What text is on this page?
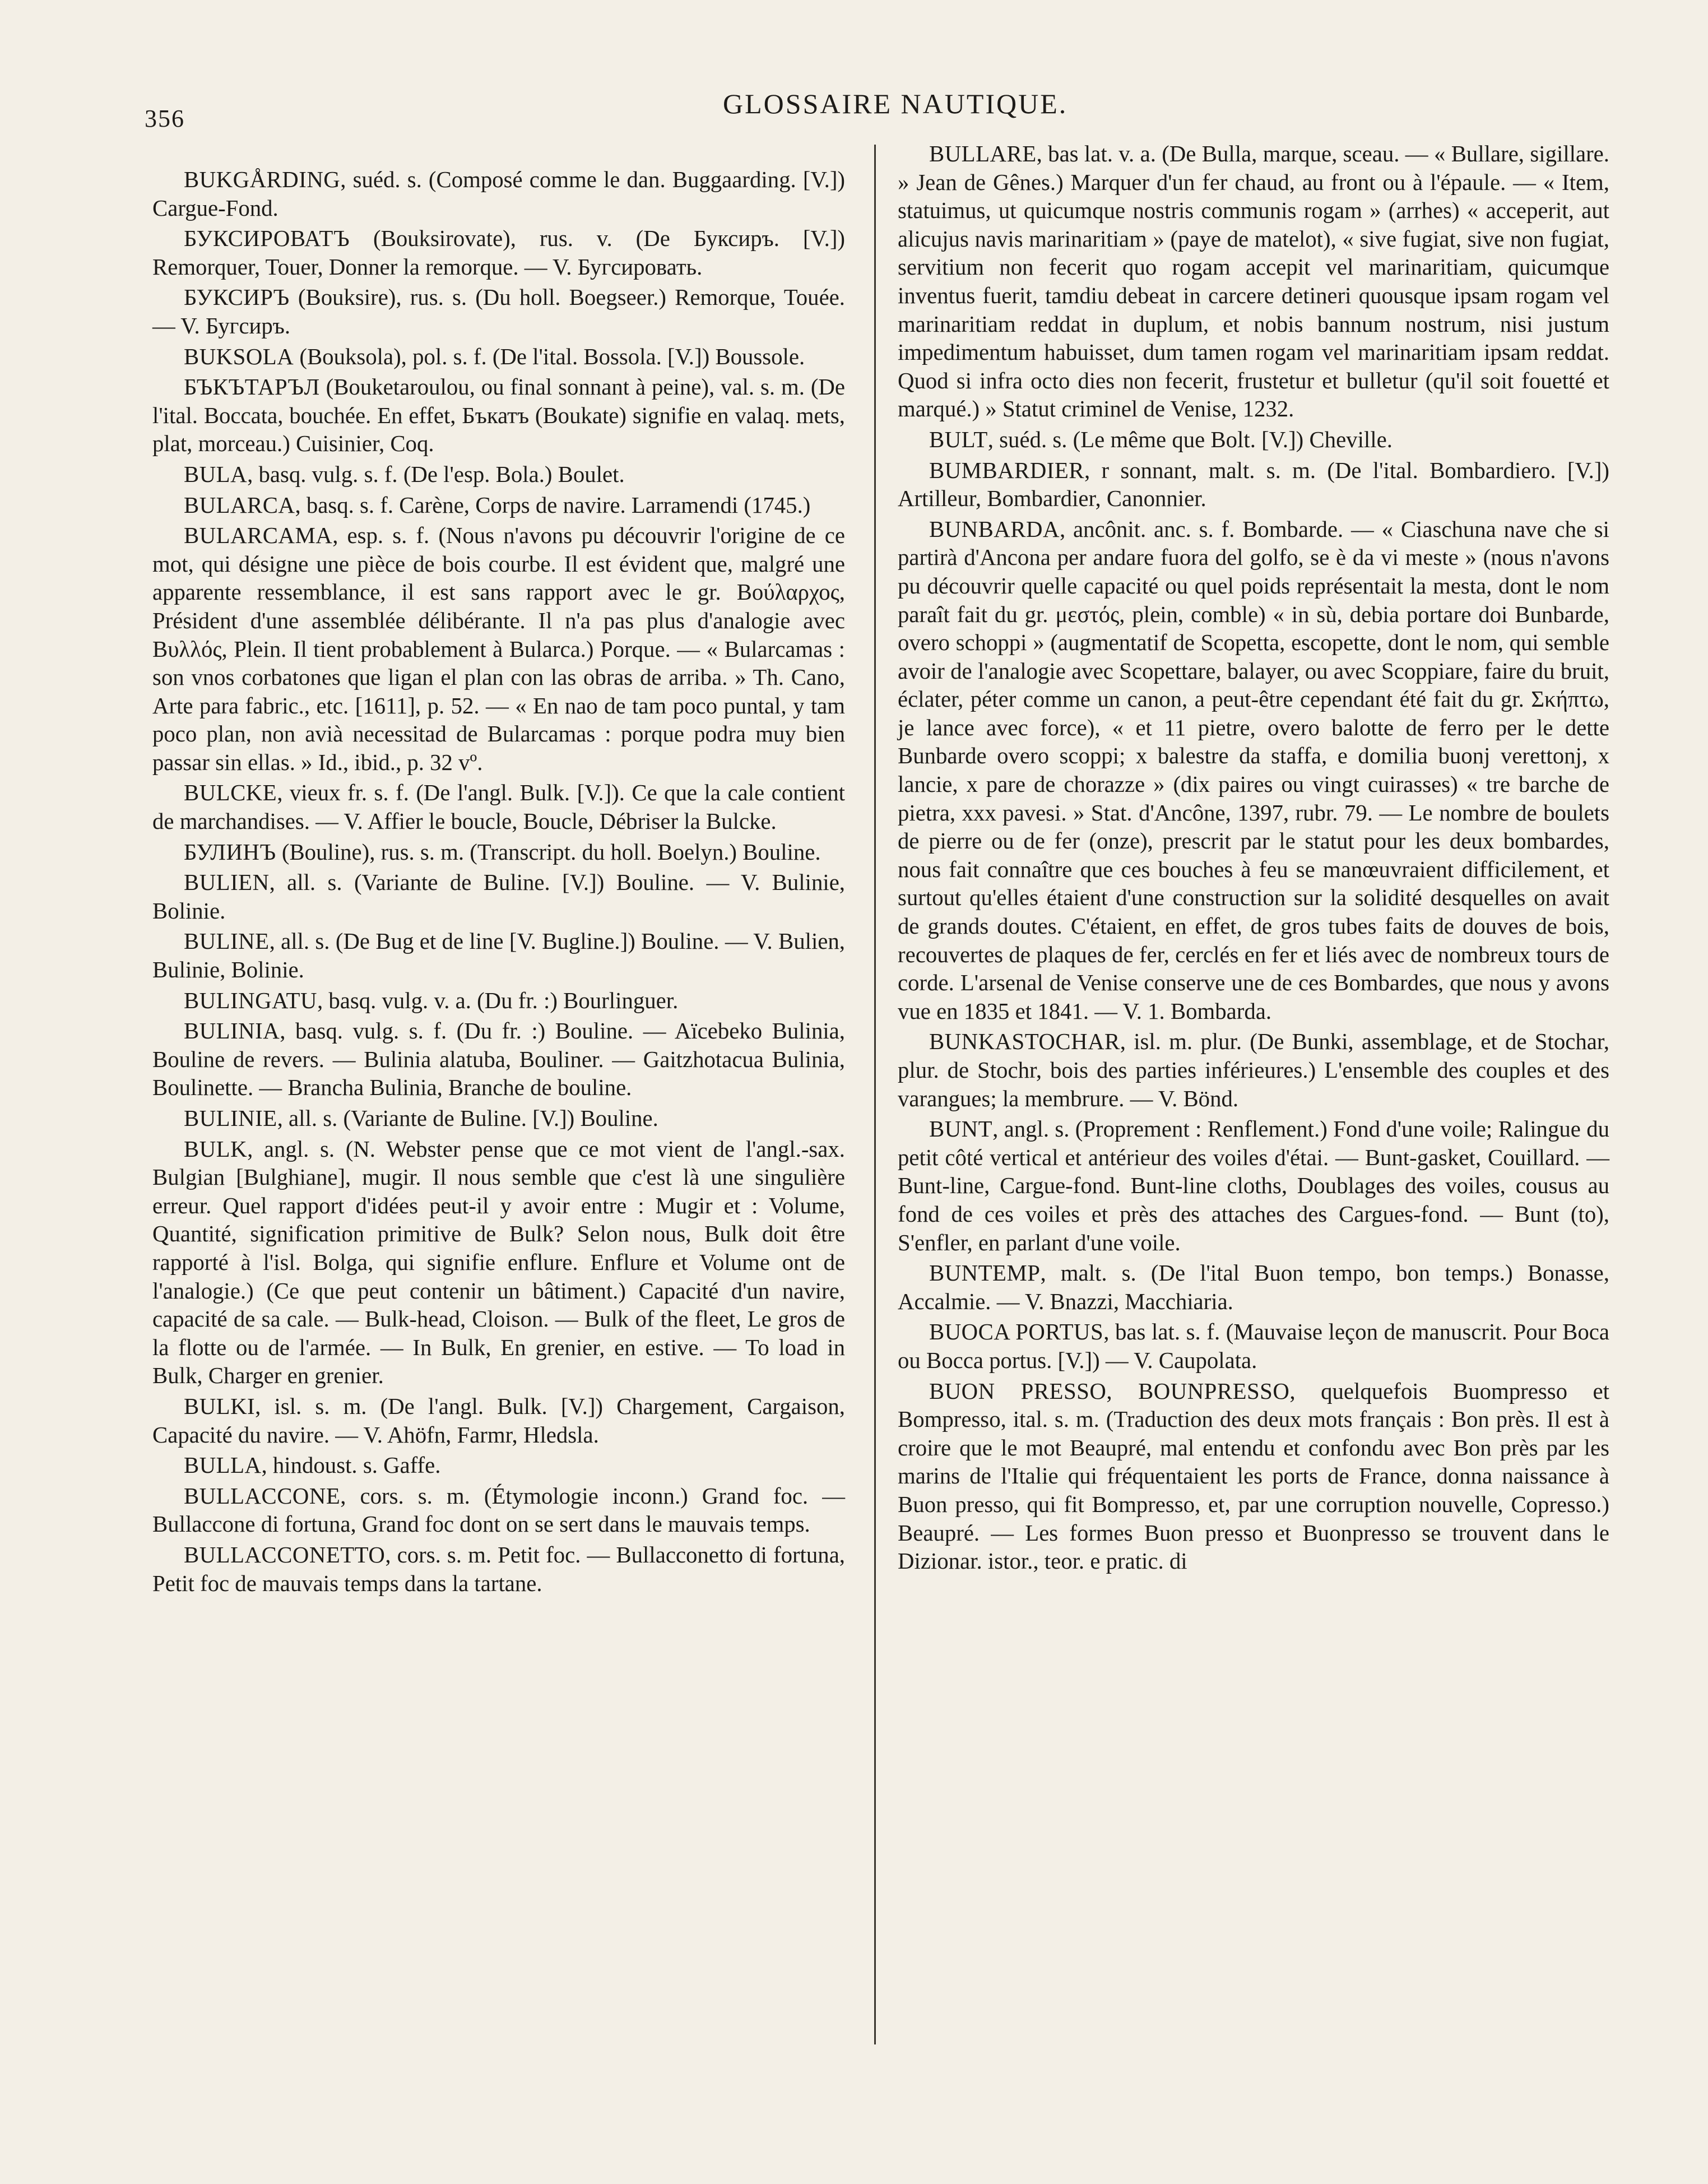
356	GLOSSAIRE NAUTIQUE.

BUKGÅRDING, suéd. s. (Composé comme le dan. Buggaarding. [V.]) Cargue-Fond.

БУКСИРОВАТЪ (Bouksirovate), rus. v. (De Буксиръ. [V.]) Remorquer, Touer, Donner la remorque. — V. Бугсировать.

БУКСИРЪ (Bouksire), rus. s. (Du holl. Boegseer.) Remorque, Touée. — V. Бугсиръ.

BUKSOLA (Bouksola), pol. s. f. (De l'ital. Bossola. [V.]) Boussole.

БЪКЪТАРЪЛ (Bouketaroulou, ou final sonnant à peine), val. s. m. (De l'ital. Boccata, bouchée. En effet, Бъкатъ (Boukate) signifie en valaq. mets, plat, morceau.) Cuisinier, Coq.

BULA, basq. vulg. s. f. (De l'esp. Bola.) Boulet.

BULARCA, basq. s. f. Carène, Corps de navire. Larramendi (1745.)

BULARCAMA, esp. s. f. (Nous n'avons pu découvrir l'origine de ce mot, qui désigne une pièce de bois courbe. Il est évident que, malgré une apparente ressemblance, il est sans rapport avec le gr. Βούλαρχος, Président d'une assemblée délibérante. Il n'a pas plus d'analogie avec Βυλλός, Plein. Il tient probablement à Bularca.) Porque. — « Bularcamas : son vnos corbatones que ligan el plan con las obras de arriba. » Th. Cano, Arte para fabric., etc. [1611], p. 52. — « En nao de tam poco puntal, y tam poco plan, non avià necessitad de Bularcamas : porque podra muy bien passar sin ellas. » Id., ibid., p. 32 vº.

BULCKE, vieux fr. s. f. (De l'angl. Bulk. [V.]). Ce que la cale contient de marchandises. — V. Affier le boucle, Boucle, Débriser la Bulcke.

БУЛИНЪ (Bouline), rus. s. m. (Transcript. du holl. Boelyn.) Bouline.

BULIEN, all. s. (Variante de Buline. [V.]) Bouline. — V. Bulinie, Bolinie.

BULINE, all. s. (De Bug et de line [V. Bugline.]) Bouline. — V. Bulien, Bulinie, Bolinie.

BULINGATU, basq. vulg. v. a. (Du fr. :) Bourlinguer.

BULINIA, basq. vulg. s. f. (Du fr. :) Bouline. — Aïcebeko Bulinia, Bouline de revers. — Bulinia alatuba, Bouliner. — Gaitzhotacua Bulinia, Boulinette. — Brancha Bulinia, Branche de bouline.

BULINIE, all. s. (Variante de Buline. [V.]) Bouline.

BULK, angl. s. (N. Webster pense que ce mot vient de l'angl.-sax. Bulgian [Bulghiane], mugir. Il nous semble que c'est là une singulière erreur. Quel rapport d'idées peut-il y avoir entre : Mugir et : Volume, Quantité, signification primitive de Bulk? Selon nous, Bulk doit être rapporté à l'isl. Bolga, qui signifie enflure. Enflure et Volume ont de l'analogie.) (Ce que peut contenir un bâtiment.) Capacité d'un navire, capacité de sa cale. — Bulk-head, Cloison. — Bulk of the fleet, Le gros de la flotte ou de l'armée. — In Bulk, En grenier, en estive. — To load in Bulk, Charger en grenier.

BULKI, isl. s. m. (De l'angl. Bulk. [V.]) Chargement, Cargaison, Capacité du navire. — V. Ahöfn, Farmr, Hledsla.

BULLA, hindoust. s. Gaffe.

BULLACCONE, cors. s. m. (Étymologie inconn.) Grand foc. — Bullaccone di fortuna, Grand foc dont on se sert dans le mauvais temps.

BULLACCONETTO, cors. s. m. Petit foc. — Bullacconetto di fortuna, Petit foc de mauvais temps dans la tartane.

BULLARE, bas lat. v. a. (De Bulla, marque, sceau. — « Bullare, sigillare. » Jean de Gênes.) Marquer d'un fer chaud, au front ou à l'épaule. — « Item, statuimus, ut quicumque nostris communis rogam » (arrhes) « acceperit, aut alicujus navis marinaritiam » (paye de matelot), « sive fugiat, sive non fugiat, servitium non fecerit quo rogam accepit vel marinaritiam, quicumque inventus fuerit, tamdiu debeat in carcere detineri quousque ipsam rogam vel marinaritiam reddat in duplum, et nobis bannum nostrum, nisi justum impedimentum habuisset, dum tamen rogam vel marinaritiam ipsam reddat. Quod si infra octo dies non fecerit, frustetur et bulletur (qu'il soit fouetté et marqué.) » Statut criminel de Venise, 1232.

BULT, suéd. s. (Le même que Bolt. [V.]) Cheville.

BUMBARDIER, r sonnant, malt. s. m. (De l'ital. Bombardiero. [V.]) Artilleur, Bombardier, Canonnier.

BUNBARDA, ancônit. anc. s. f. Bombarde. — « Ciaschuna nave che si partirà d'Ancona per andare fuora del golfo, se è da vi meste » (nous n'avons pu découvrir quelle capacité ou quel poids représentait la mesta, dont le nom paraît fait du gr. μεστός, plein, comble) « in sù, debia portare doi Bunbarde, overo schoppi » (augmentatif de Scopetta, escopette, dont le nom, qui semble avoir de l'analogie avec Scopettare, balayer, ou avec Scoppiare, faire du bruit, éclater, péter comme un canon, a peut-être cependant été fait du gr. Σκήπτω, je lance avec force), « et 11 pietre, overo balotte de ferro per le dette Bunbarde overo scoppi; x balestre da staffa, e domilia buonj verettonj, x lancie, x pare de chorazze » (dix paires ou vingt cuirasses) « tre barche de pietra, xxx pavesi. » Stat. d'Ancône, 1397, rubr. 79. — Le nombre de boulets de pierre ou de fer (onze), prescrit par le statut pour les deux bombardes, nous fait connaître que ces bouches à feu se manœuvraient difficilement, et surtout qu'elles étaient d'une construction sur la solidité desquelles on avait de grands doutes. C'étaient, en effet, de gros tubes faits de douves de bois, recouvertes de plaques de fer, cerclés en fer et liés avec de nombreux tours de corde. L'arsenal de Venise conserve une de ces Bombardes, que nous y avons vue en 1835 et 1841. — V. 1. Bombarda.

BUNKASTOCHAR, isl. m. plur. (De Bunki, assemblage, et de Stochar, plur. de Stochr, bois des parties inférieures.) L'ensemble des couples et des varangues; la membrure. — V. Bönd.

BUNT, angl. s. (Proprement : Renflement.) Fond d'une voile; Ralingue du petit côté vertical et antérieur des voiles d'étai. — Bunt-gasket, Couillard. — Bunt-line, Cargue-fond. Bunt-line cloths, Doublages des voiles, cousus au fond de ces voiles et près des attaches des Cargues-fond. — Bunt (to), S'enfler, en parlant d'une voile.

BUNTEMP, malt. s. (De l'ital Buon tempo, bon temps.) Bonasse, Accalmie. — V. Bnazzi, Macchiaria.

BUOCA PORTUS, bas lat. s. f. (Mauvaise leçon de manuscrit. Pour Boca ou Bocca portus. [V.]) — V. Caupolata.

BUON PRESSO, BOUNPRESSO, quelquefois Buompresso et Bompresso, ital. s. m. (Traduction des deux mots français : Bon près. Il est à croire que le mot Beaupré, mal entendu et confondu avec Bon près par les marins de l'Italie qui fréquentaient les ports de France, donna naissance à Buon presso, qui fit Bompresso, et, par une corruption nouvelle, Copresso.) Beaupré. — Les formes Buon presso et Buonpresso se trouvent dans le Dizionar. istor., teor. e pratic. di
